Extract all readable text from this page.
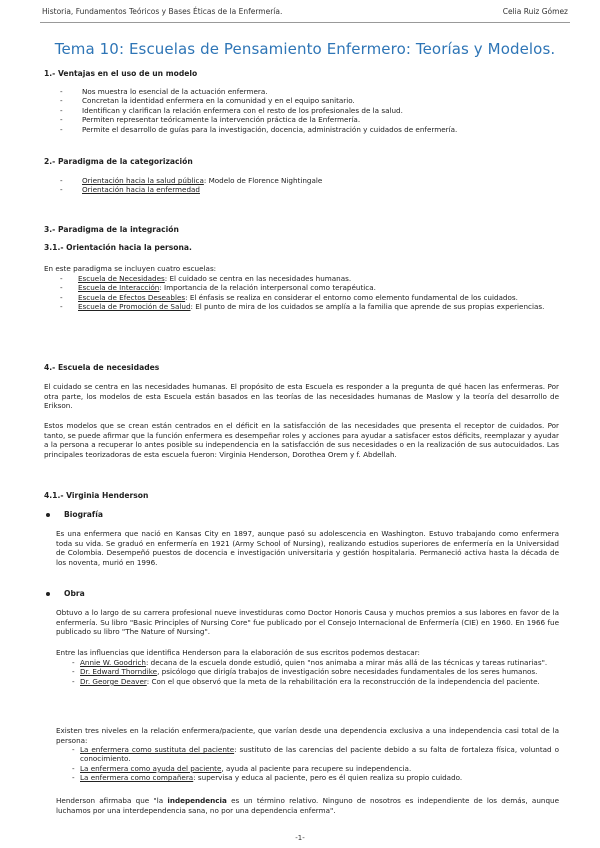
Historia, Fundamentos Teóricos y Bases Éticas de la Enfermería.	Celia Ruiz Gómez
Tema 10: Escuelas de Pensamiento Enfermero: Teorías y Modelos.
1.- Ventajas en el uso de un modelo
- Nos muestra lo esencial de la actuación enfermera.
- Concretan la identidad enfermera en la comunidad y en el equipo sanitario.
- Identifican y clarifican la relación enfermera con el resto de los profesionales de la salud.
- Permiten representar teóricamente la intervención práctica de la Enfermería.
- Permite el desarrollo de guías para la investigación, docencia, administración y cuidados de enfermería.
2.- Paradigma de la categorización
- Orientación hacia la salud pública: Modelo de Florence Nightingale
- Orientación hacia la enfermedad
3.- Paradigma de la integración
3.1.- Orientación hacia la persona.
En este paradigma se incluyen cuatro escuelas:
- Escuela de Necesidades: El cuidado se centra en las necesidades humanas.
- Escuela de Interacción: Importancia de la relación interpersonal como terapéutica.
- Escuela de Efectos Deseables: El énfasis se realiza en considerar el entorno como elemento fundamental de los cuidados.
- Escuela de Promoción de Salud: El punto de mira de los cuidados se amplía a la familia que aprende de sus propias experiencias.
4.- Escuela de necesidades
El cuidado se centra en las necesidades humanas. El propósito de esta Escuela es responder a la pregunta de qué hacen las enfermeras. Por otra parte, los modelos de esta Escuela están basados en las teorías de las necesidades humanas de Maslow y la teoría del desarrollo de Erikson.
Estos modelos que se crean están centrados en el déficit en la satisfacción de las necesidades que presenta el receptor de cuidados. Por tanto, se puede afirmar que la función enfermera es desempeñar roles y acciones para ayudar a satisfacer estos déficits, reemplazar y ayudar a la persona a recuperar lo antes posible su independencia en la satisfacción de sus necesidades o en la realización de sus autocuidados. Las principales teorizadoras de esta escuela fueron: Virginia Henderson, Dorothea Orem y f. Abdellah.
4.1.- Virginia Henderson
Biografía
Es una enfermera que nació en Kansas City en 1897, aunque pasó su adolescencia en Washington. Estuvo trabajando como enfermera toda su vida. Se graduó en enfermería en 1921 (Army School of Nursing), realizando estudios superiores de enfermería en la Universidad de Colombia. Desempeñó puestos de docencia e investigación universitaria y gestión hospitalaria. Permaneció activa hasta la década de los noventa, murió en 1996.
Obra
Obtuvo a lo largo de su carrera profesional nueve investiduras como Doctor Honoris Causa y muchos premios a sus labores en favor de la enfermería. Su libro "Basic Principles of Nursing Core" fue publicado por el Consejo Internacional de Enfermería (CIE) en 1960. En 1966 fue publicado su libro "The Nature of Nursing".
Entre las influencias que identifica Henderson para la elaboración de sus escritos podemos destacar:
- Annie W. Goodrich: decana de la escuela donde estudió, quien "nos animaba a mirar más allá de las técnicas y tareas rutinarias".
- Dr. Edward Thorndike, psicólogo que dirigía trabajos de investigación sobre necesidades fundamentales de los seres humanos.
- Dr. George Deaver: Con el que observó que la meta de la rehabilitación era la reconstrucción de la independencia del paciente.
Existen tres niveles en la relación enfermera/paciente, que varían desde una dependencia exclusiva a una independencia casi total de la persona:
- La enfermera como sustituta del paciente: sustituto de las carencias del paciente debido a su falta de fortaleza física, voluntad o conocimiento.
- La enfermera como ayuda del paciente, ayuda al paciente para recupere su independencia.
- La enfermera como compañera: supervisa y educa al paciente, pero es él quien realiza su propio cuidado.
Henderson afirmaba que "la independencia es un término relativo. Ninguno de nosotros es independiente de los demás, aunque luchamos por una interdependencia sana, no por una dependencia enferma".
-1-
